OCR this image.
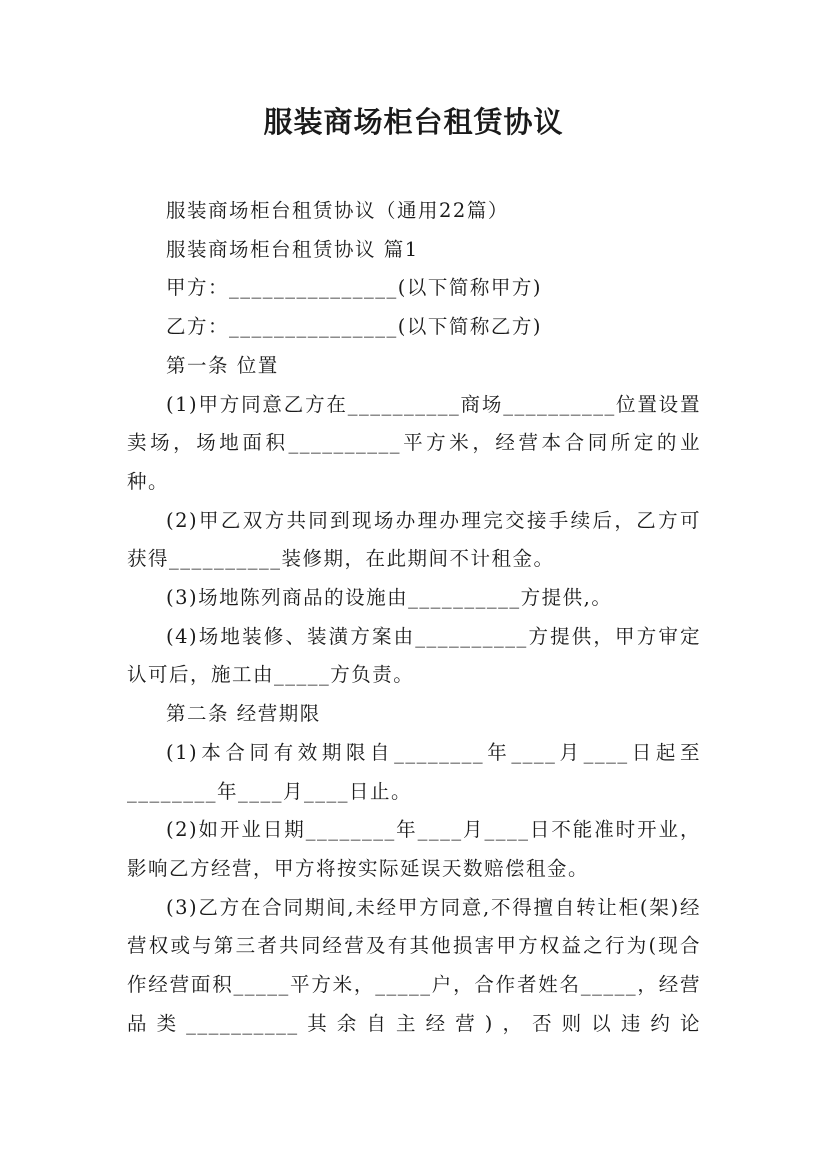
服装商场柜台租赁协议

服装商场柜台租赁协议（通用22篇）

服装商场柜台租赁协议 篇1

甲方：_______________(以下简称甲方)

乙方：_______________(以下简称乙方)

第一条 位置

(1)甲方同意乙方在__________商场__________位置设置卖场，场地面积__________平方米，经营本合同所定的业种。

(2)甲乙双方共同到现场办理办理完交接手续后，乙方可获得__________装修期，在此期间不计租金。

(3)场地陈列商品的设施由__________方提供,。

(4)场地装修、装潢方案由__________方提供，甲方审定认可后，施工由_____方负责。

第二条 经营期限

(1)本合同有效期限自________年____月____日起至________年____月____日止。

(2)如开业日期________年____月____日不能准时开业，影响乙方经营，甲方将按实际延误天数赔偿租金。

(3)乙方在合同期间,未经甲方同意,不得擅自转让柜(架)经营权或与第三者共同经营及有其他损害甲方权益之行为(现合作经营面积_____平方米，_____户，合作者姓名_____，经营品类__________其余自主经营)，否则以违约论
